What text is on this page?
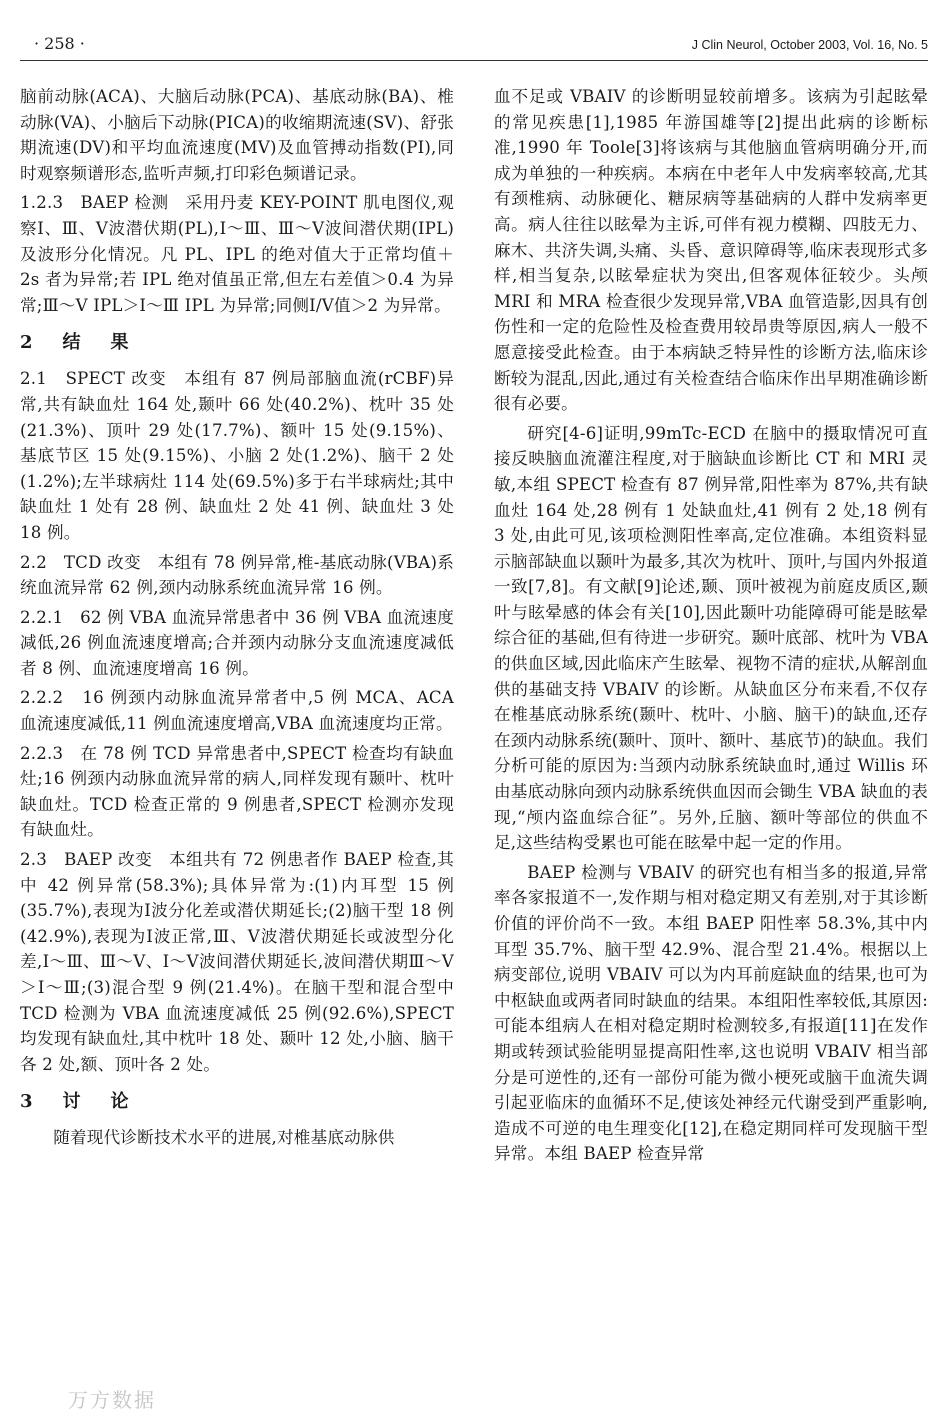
· 258 ·	J Clin Neurol, October 2003, Vol. 16, No. 5

脑前动脉(ACA)、大脑后动脉(PCA)、基底动脉(BA)、椎动脉(VA)、小脑后下动脉(PICA)的收缩期流速(SV)、舒张期流速(DV)和平均血流速度(MV)及血管搏动指数(PI),同时观察频谱形态,监听声频,打印彩色频谱记录。

1.2.3　BAEP 检测　采用丹麦 KEY-POINT 肌电图仪,观察Ⅰ、Ⅲ、Ⅴ波潜伏期(PL),Ⅰ～Ⅲ、Ⅲ～Ⅴ波间潜伏期(IPL)及波形分化情况。凡 PL、IPL 的绝对值大于正常均值＋2s 者为异常;若 IPL 绝对值虽正常,但左右差值＞0.4 为异常;Ⅲ～Ⅴ IPL＞Ⅰ～Ⅲ IPL 为异常;同侧Ⅰ/Ⅴ值＞2 为异常。

2　结　果

2.1　SPECT 改变　本组有 87 例局部脑血流(rCBF)异常,共有缺血灶 164 处,颞叶 66 处(40.2%)、枕叶 35 处(21.3%)、顶叶 29 处(17.7%)、额叶 15 处(9.15%)、基底节区 15 处(9.15%)、小脑 2 处(1.2%)、脑干 2 处(1.2%);左半球病灶 114 处(69.5%)多于右半球病灶;其中缺血灶 1 处有 28 例、缺血灶 2 处 41 例、缺血灶 3 处 18 例。

2.2　TCD 改变　本组有 78 例异常,椎-基底动脉(VBA)系统血流异常 62 例,颈内动脉系统血流异常 16 例。

2.2.1　62 例 VBA 血流异常患者中 36 例 VBA 血流速度减低,26 例血流速度增高;合并颈内动脉分支血流速度减低者 8 例、血流速度增高 16 例。

2.2.2　16 例颈内动脉血流异常者中,5 例 MCA、ACA 血流速度减低,11 例血流速度增高,VBA 血流速度均正常。

2.2.3　在 78 例 TCD 异常患者中,SPECT 检查均有缺血灶;16 例颈内动脉血流异常的病人,同样发现有颞叶、枕叶缺血灶。TCD 检查正常的 9 例患者,SPECT 检测亦发现有缺血灶。

2.3　BAEP 改变　本组共有 72 例患者作 BAEP 检查,其中 42 例异常(58.3%);具体异常为:(1)内耳型 15 例(35.7%),表现为Ⅰ波分化差或潜伏期延长;(2)脑干型 18 例(42.9%),表现为Ⅰ波正常,Ⅲ、Ⅴ波潜伏期延长或波型分化差,Ⅰ～Ⅲ、Ⅲ～Ⅴ、Ⅰ～Ⅴ波间潜伏期延长,波间潜伏期Ⅲ～Ⅴ＞Ⅰ～Ⅲ;(3)混合型 9 例(21.4%)。在脑干型和混合型中 TCD 检测为 VBA 血流速度减低 25 例(92.6%),SPECT 均发现有缺血灶,其中枕叶 18 处、颞叶 12 处,小脑、脑干各 2 处,额、顶叶各 2 处。

3　讨　论

随着现代诊断技术水平的进展,对椎基底动脉供

血不足或 VBAIV 的诊断明显较前增多。该病为引起眩晕的常见疾患[1],1985 年游国雄等[2]提出此病的诊断标准,1990 年 Toole[3]将该病与其他脑血管病明确分开,而成为单独的一种疾病。本病在中老年人中发病率较高,尤其有颈椎病、动脉硬化、糖尿病等基础病的人群中发病率更高。病人往往以眩晕为主诉,可伴有视力模糊、四肢无力、麻木、共济失调,头痛、头昏、意识障碍等,临床表现形式多样,相当复杂,以眩晕症状为突出,但客观体征较少。头颅 MRI 和 MRA 检查很少发现异常,VBA 血管造影,因具有创伤性和一定的危险性及检查费用较昂贵等原因,病人一般不愿意接受此检查。由于本病缺乏特异性的诊断方法,临床诊断较为混乱,因此,通过有关检查结合临床作出早期准确诊断很有必要。

研究[4-6]证明,99mTc-ECD 在脑中的摄取情况可直接反映脑血流灌注程度,对于脑缺血诊断比 CT 和 MRI 灵敏,本组 SPECT 检查有 87 例异常,阳性率为 87%,共有缺血灶 164 处,28 例有 1 处缺血灶,41 例有 2 处,18 例有 3 处,由此可见,该项检测阳性率高,定位准确。本组资料显示脑部缺血以颞叶为最多,其次为枕叶、顶叶,与国内外报道一致[7,8]。有文献[9]论述,颞、顶叶被视为前庭皮质区,颞叶与眩晕感的体会有关[10],因此颞叶功能障碍可能是眩晕综合征的基础,但有待进一步研究。颞叶底部、枕叶为 VBA 的供血区域,因此临床产生眩晕、视物不清的症状,从解剖血供的基础支持 VBAIV 的诊断。从缺血区分布来看,不仅存在椎基底动脉系统(颞叶、枕叶、小脑、脑干)的缺血,还存在颈内动脉系统(颞叶、顶叶、额叶、基底节)的缺血。我们分析可能的原因为:当颈内动脉系统缺血时,通过 Willis 环由基底动脉向颈内动脉系统供血因而会锄生 VBA 缺血的表现,“颅内盗血综合征”。另外,丘脑、额叶等部位的供血不足,这些结构受累也可能在眩晕中起一定的作用。

BAEP 检测与 VBAIV 的研究也有相当多的报道,异常率各家报道不一,发作期与相对稳定期又有差别,对于其诊断价值的评价尚不一致。本组 BAEP 阳性率 58.3%,其中内耳型 35.7%、脑干型 42.9%、混合型 21.4%。根据以上病变部位,说明 VBAIV 可以为内耳前庭缺血的结果,也可为中枢缺血或两者同时缺血的结果。本组阳性率较低,其原因:可能本组病人在相对稳定期时检测较多,有报道[11]在发作期或转颈试验能明显提高阳性率,这也说明 VBAIV 相当部分是可逆性的,还有一部份可能为微小梗死或脑干血流失调引起亚临床的血循环不足,使该处神经元代谢受到严重影响,造成不可逆的电生理变化[12],在稳定期同样可发现脑干型异常。本组 BAEP 检查异常

万方数据
